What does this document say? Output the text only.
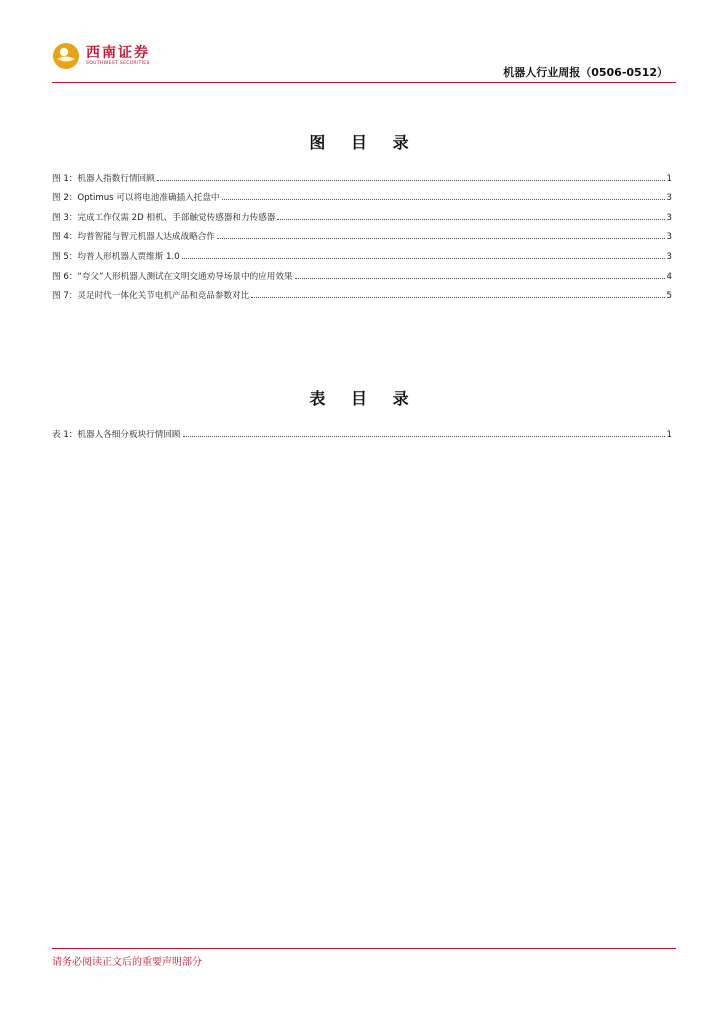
西南证券
SOUTHWEST SECURITIES
机器人行业周报（0506-0512）
图 目 录
图 1：机器人指数行情回顾	1
图 2：Optimus 可以将电池准确插入托盘中	3
图 3：完成工作仅需 2D 相机、手部触觉传感器和力传感器	3
图 4：均普智能与智元机器人达成战略合作	3
图 5：均普人形机器人贾维斯 1.0	3
图 6：“夸父”人形机器人测试在文明交通劝导场景中的应用效果	4
图 7：灵足时代一体化关节电机产品和竞品参数对比	5
表 目 录
表 1：机器人各细分板块行情回顾	1
请务必阅读正文后的重要声明部分
